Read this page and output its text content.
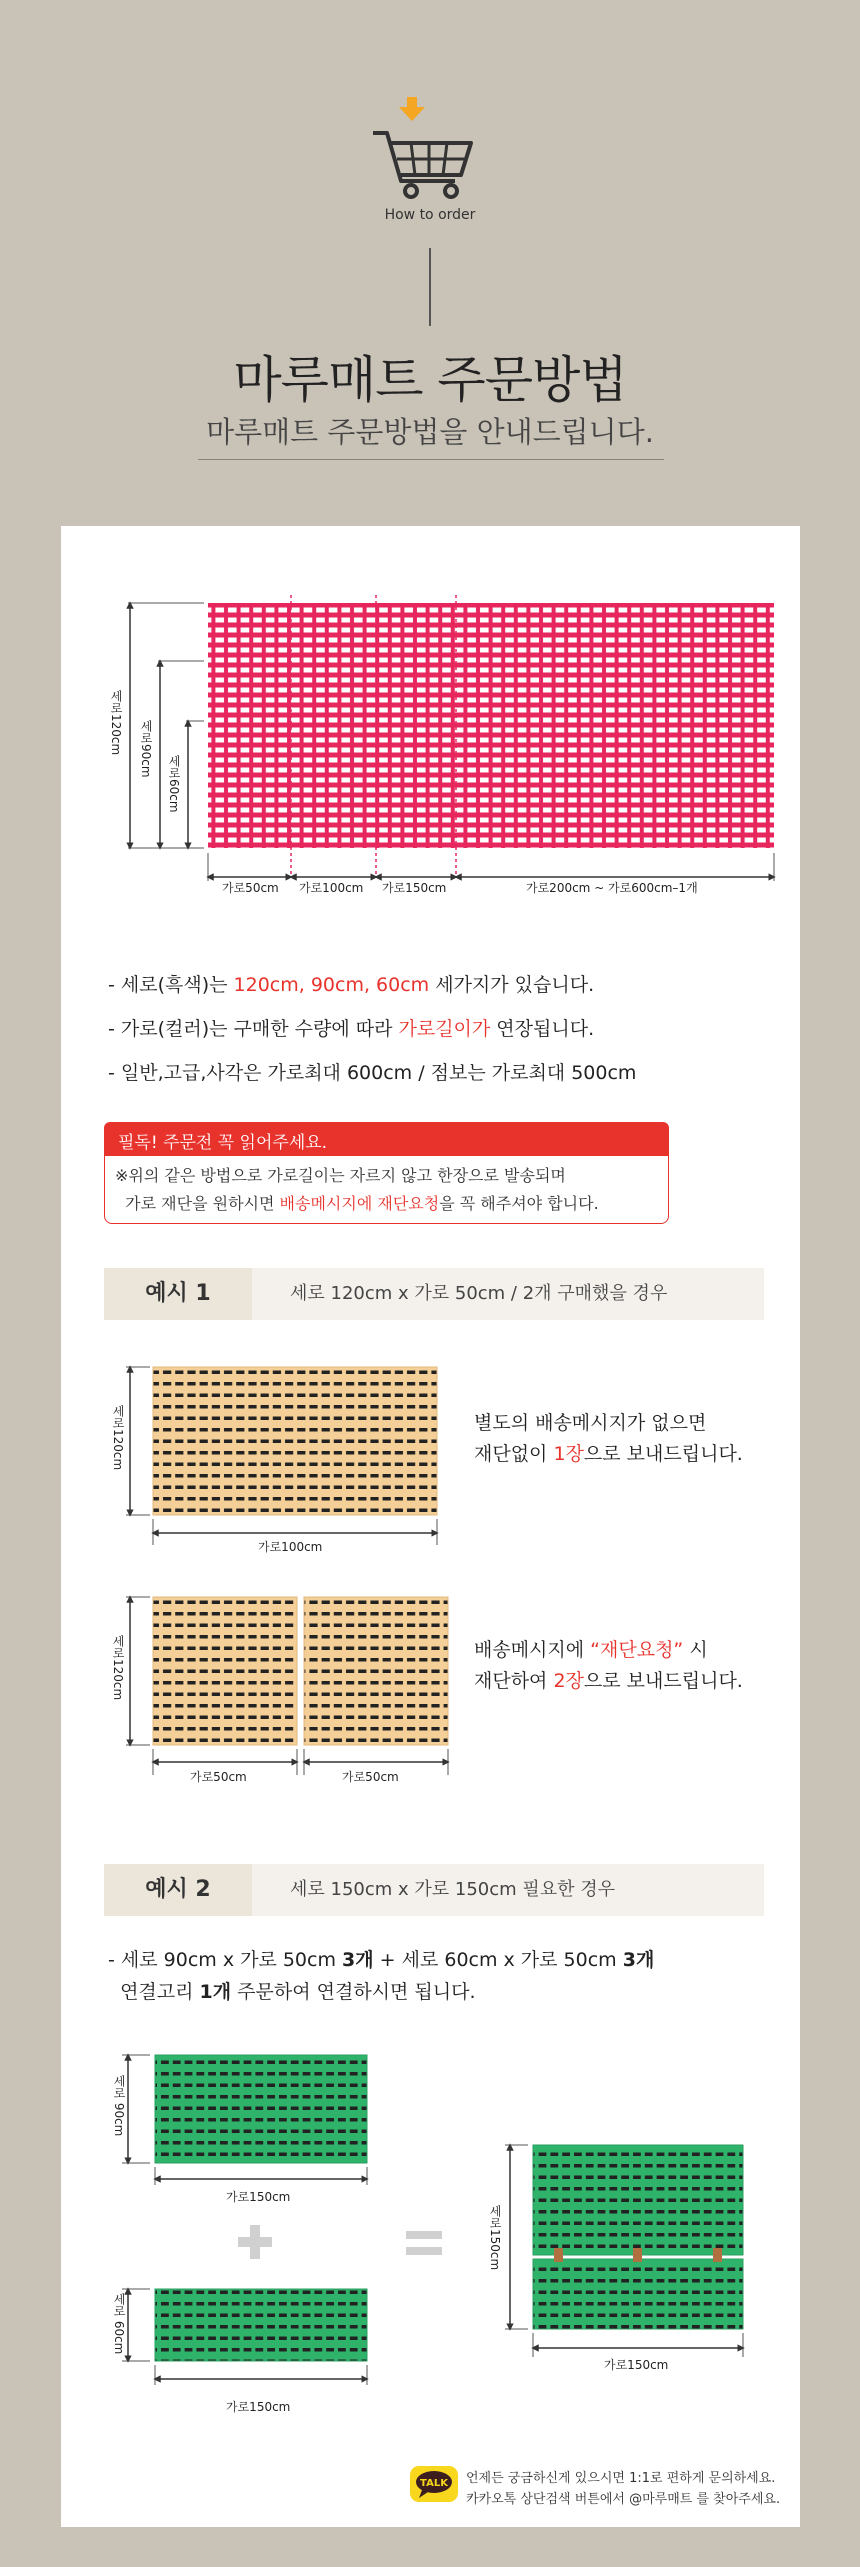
How to order
마루매트 주문방법
마루매트 주문방법을 안내드립니다.
세로120cm 세로90cm
세로60cm
가로50cm 가로100cm 가로150cm	가로200cm ~ 가로600cm–1개
- 세로(흑색)는 120cm, 90cm, 60cm 세가지가 있습니다.
- 가로(컬러)는 구매한 수량에 따라 가로길이가 연장됩니다.
- 일반,고급,사각은 가로최대 600cm / 점보는 가로최대 500cm
필독! 주문전 꼭 읽어주세요.
※위의 같은 방법으로 가로길이는 자르지 않고 한장으로 발송되며
가로 재단을 원하시면 배송메시지에 재단요청을 꼭 해주셔야 합니다.
예시 1	세로 120cm x 가로 50cm / 2개 구매했을 경우
세로120cm
가로100cm
별도의 배송메시지가 없으면
재단없이 1장으로 보내드립니다.
세로120cm
가로50cm	가로50cm
배송메시지에 “재단요청” 시
재단하여 2장으로 보내드립니다.
예시 2	세로 150cm x 가로 150cm 필요한 경우
- 세로 90cm x 가로 50cm 3개 + 세로 60cm x 가로 50cm 3개
연결고리 1개 주문하여 연결하시면 됩니다.
세로 90cm
가로150cm
세로 60cm
가로150cm
세로150cm
가로150cm
TALK 언제든 궁금하신게 있으시면 1:1로 편하게 문의하세요.
카카오톡 상단검색 버튼에서 @마루매트 를 찾아주세요.
